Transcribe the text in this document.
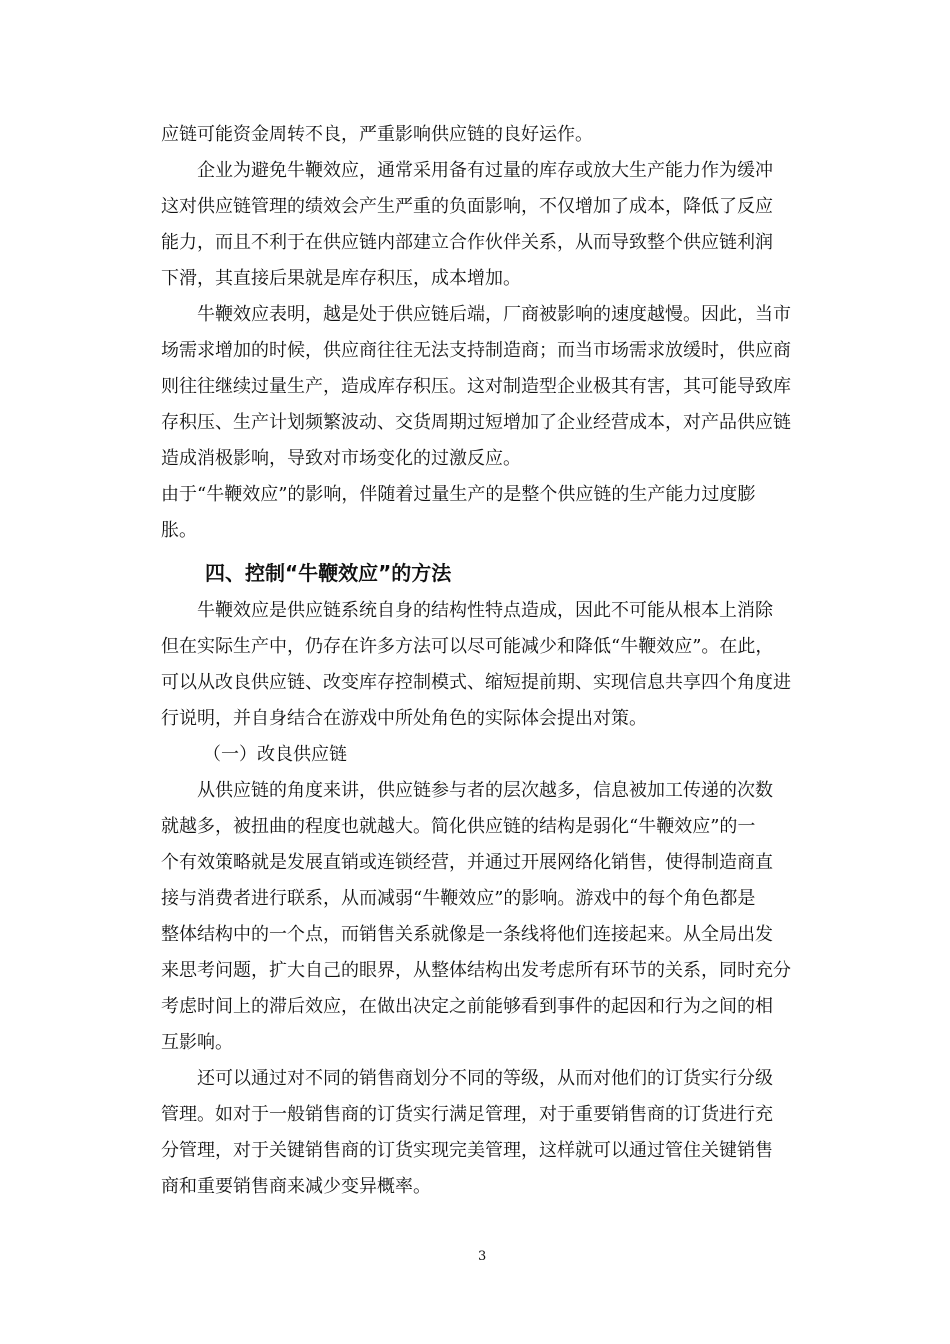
应链可能资金周转不良，严重影响供应链的良好运作。
企业为避免牛鞭效应，通常采用备有过量的库存或放大生产能力作为缓冲
这对供应链管理的绩效会产生严重的负面影响，不仅增加了成本，降低了反应
能力，而且不利于在供应链内部建立合作伙伴关系，从而导致整个供应链利润
下滑，其直接后果就是库存积压，成本增加。
牛鞭效应表明，越是处于供应链后端，厂商被影响的速度越慢。因此，当市
场需求增加的时候，供应商往往无法支持制造商；而当市场需求放缓时，供应商
则往往继续过量生产，造成库存积压。这对制造型企业极其有害，其可能导致库
存积压、生产计划频繁波动、交货周期过短增加了企业经营成本，对产品供应链
造成消极影响，导致对市场变化的过激反应。
由于“牛鞭效应”的影响，伴随着过量生产的是整个供应链的生产能力过度膨
胀。
四、控制“牛鞭效应”的方法
牛鞭效应是供应链系统自身的结构性特点造成，因此不可能从根本上消除
但在实际生产中，仍存在许多方法可以尽可能减少和降低“牛鞭效应”。在此，
可以从改良供应链、改变库存控制模式、缩短提前期、实现信息共享四个角度进
行说明，并自身结合在游戏中所处角色的实际体会提出对策。
（一）改良供应链
从供应链的角度来讲，供应链参与者的层次越多，信息被加工传递的次数
就越多，被扭曲的程度也就越大。简化供应链的结构是弱化“牛鞭效应”的一
个有效策略就是发展直销或连锁经营，并通过开展网络化销售，使得制造商直
接与消费者进行联系，从而减弱“牛鞭效应”的影响。游戏中的每个角色都是
整体结构中的一个点，而销售关系就像是一条线将他们连接起来。从全局出发
来思考问题，扩大自己的眼界，从整体结构出发考虑所有环节的关系，同时充分
考虑时间上的滞后效应，在做出决定之前能够看到事件的起因和行为之间的相
互影响。
还可以通过对不同的销售商划分不同的等级，从而对他们的订货实行分级
管理。如对于一般销售商的订货实行满足管理，对于重要销售商的订货进行充
分管理，对于关键销售商的订货实现完美管理，这样就可以通过管住关键销售
商和重要销售商来减少变异概率。
3
